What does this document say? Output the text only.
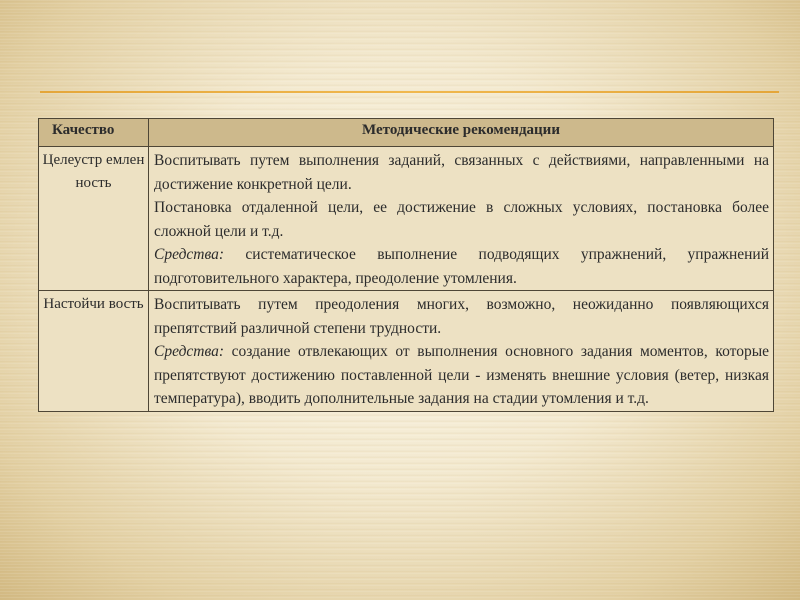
Качество	Методические рекомендации
Целеустр емлен ность	Воспитывать путем выполнения заданий, связанных с действиями, направленными на достижение конкретной цели.

Постановка отдаленной цели, ее достижение в сложных условиях, постановка более сложной цели и т.д.

Средства: систематическое выполнение подводящих упражнений, упражнений подготовительного характера, преодоление утомления.

Настойчи вость	Воспитывать путем преодоления многих, возможно, неожиданно появляющихся препятствий различной степени трудности.

Средства: создание отвлекающих от выполнения основного задания моментов, которые препятствуют достижению поставленной цели - изменять внешние условия (ветер, низкая температура), вводить дополнительные задания на стадии утомления и т.д.
